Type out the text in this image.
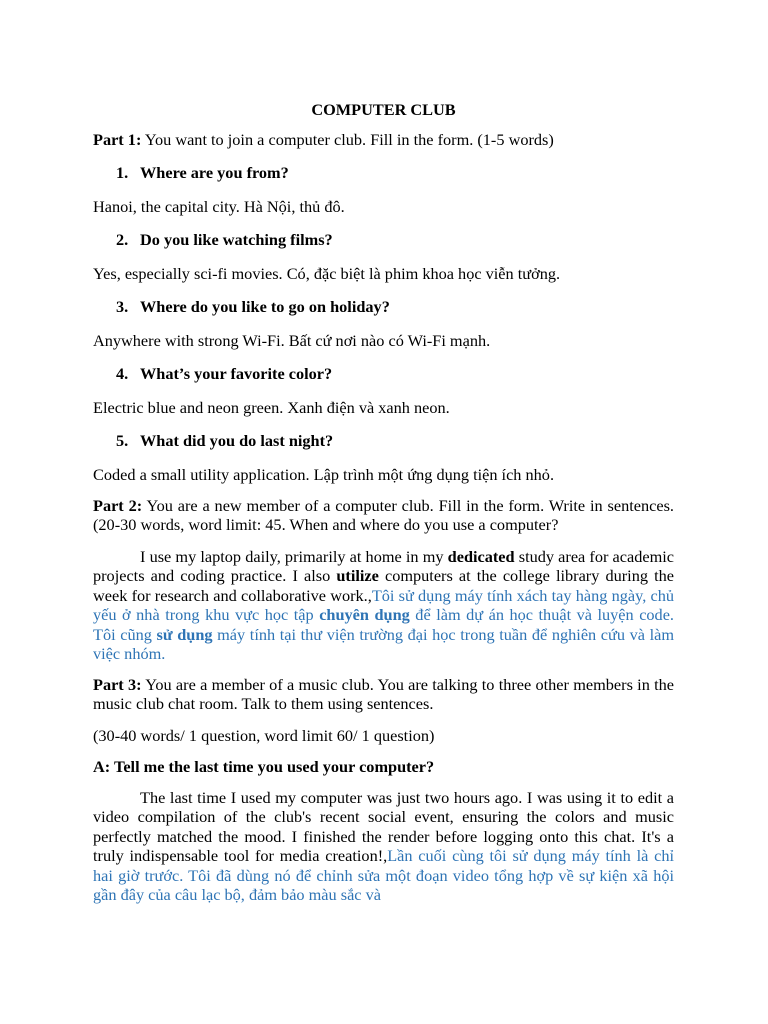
COMPUTER CLUB

Part 1: You want to join a computer club. Fill in the form. (1-5 words)

1. Where are you from?

Hanoi, the capital city. Hà Nội, thủ đô.

2. Do you like watching films?

Yes, especially sci-fi movies. Có, đặc biệt là phim khoa học viễn tưởng.

3. Where do you like to go on holiday?

Anywhere with strong Wi-Fi. Bất cứ nơi nào có Wi-Fi mạnh.

4. What’s your favorite color?

Electric blue and neon green. Xanh điện và xanh neon.

5. What did you do last night?

Coded a small utility application. Lập trình một ứng dụng tiện ích nhỏ.

Part 2: You are a new member of a computer club. Fill in the form. Write in sentences. (20-30 words, word limit: 45. When and where do you use a computer?

I use my laptop daily, primarily at home in my dedicated study area for academic projects and coding practice. I also utilize computers at the college library during the week for research and collaborative work.,Tôi sử dụng máy tính xách tay hàng ngày, chủ yếu ở nhà trong khu vực học tập chuyên dụng để làm dự án học thuật và luyện code. Tôi cũng sử dụng máy tính tại thư viện trường đại học trong tuần để nghiên cứu và làm việc nhóm.

Part 3: You are a member of a music club. You are talking to three other members in the music club chat room. Talk to them using sentences.

(30-40 words/ 1 question, word limit 60/ 1 question)

A: Tell me the last time you used your computer?

The last time I used my computer was just two hours ago. I was using it to edit a video compilation of the club's recent social event, ensuring the colors and music perfectly matched the mood. I finished the render before logging onto this chat. It's a truly indispensable tool for media creation!,Lần cuối cùng tôi sử dụng máy tính là chỉ hai giờ trước. Tôi đã dùng nó để chỉnh sửa một đoạn video tổng hợp về sự kiện xã hội gần đây của câu lạc bộ, đảm bảo màu sắc và
